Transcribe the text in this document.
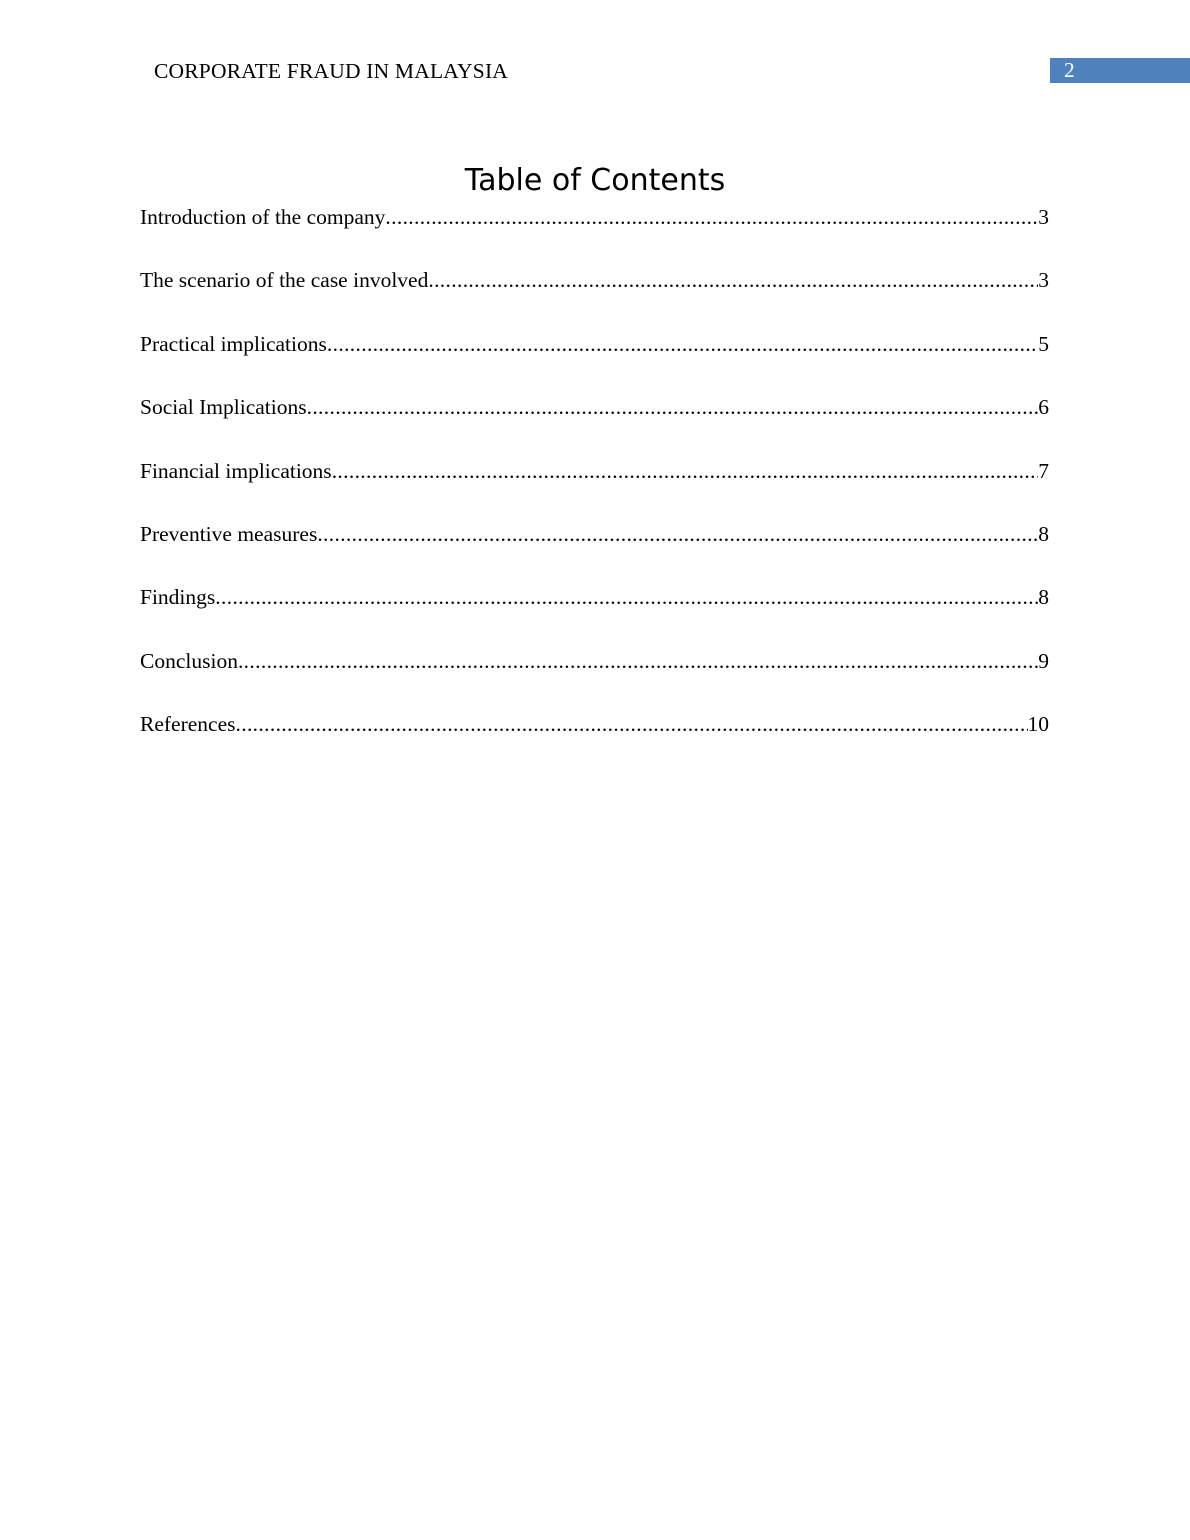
CORPORATE FRAUD IN MALAYSIA	2
Table of Contents
Introduction of the company .....	3
The scenario of the case involved .....	3
Practical implications .....	5
Social Implications .....	6
Financial implications .....	7
Preventive measures .....	8
Findings .....	8
Conclusion .....	9
References .....	10
